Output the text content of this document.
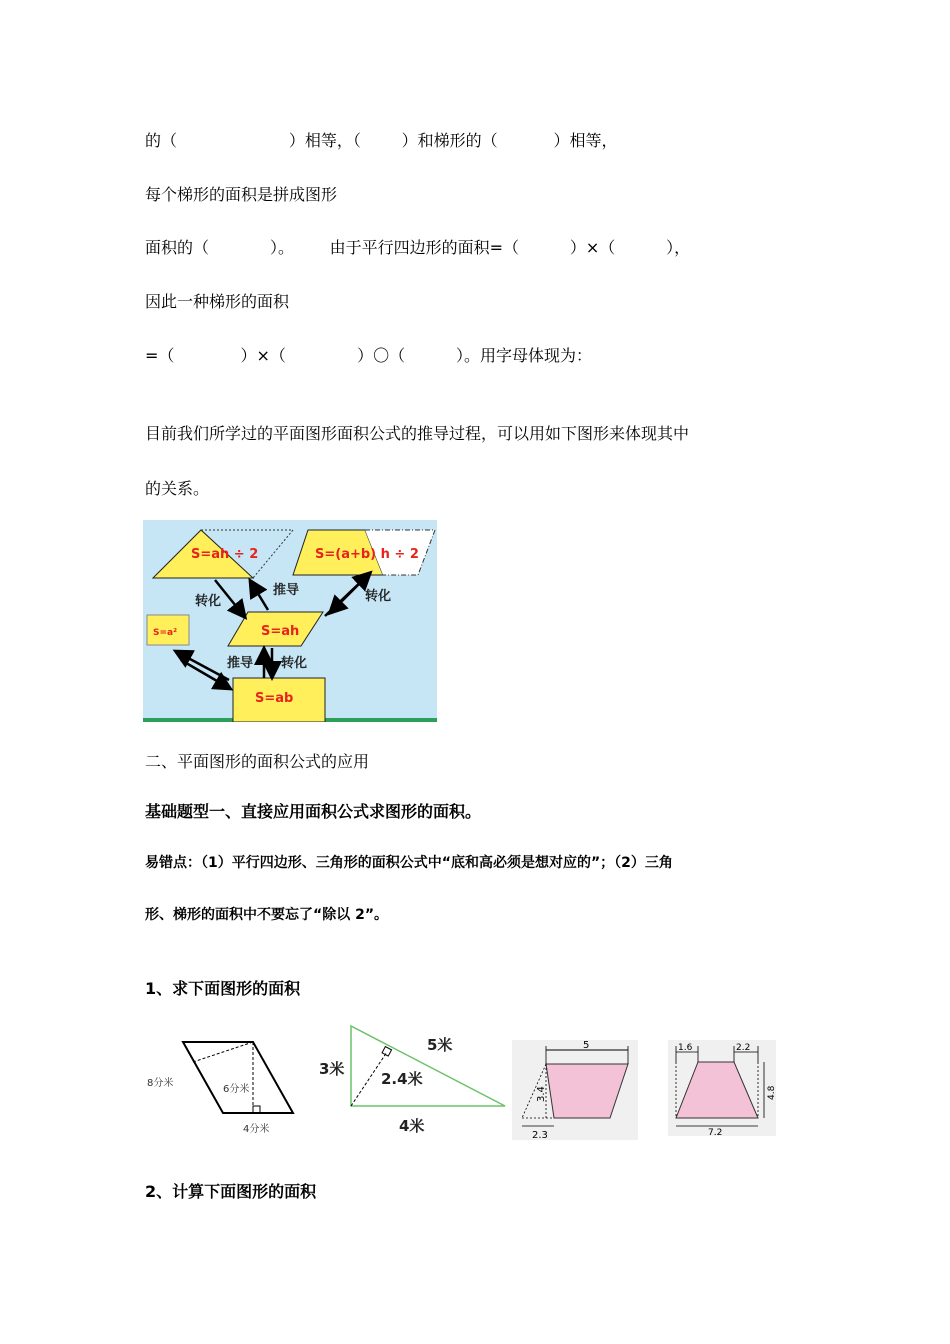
的（                      ）相等，（        ）和梯形的（           ）相等，
每个梯形的面积是拼成图形
面积的（            ）。       由于平行四边形的面积=（          ）×（          ），
因此一种梯形的面积
=（             ）×（              ）〇（          ）。用字母体现为：
目前我们所学过的平面图形面积公式的推导过程，可以用如下图形来体现其中
的关系。
S=ah ÷ 2	S=(a+b) h ÷ 2
S=a²	S=ah
S=ab
转化
推导	转化
推导 转化
二、平面图形的面积公式的应用
基础题型一、直接应用面积公式求图形的面积。
易错点：（1）平行四边形、三角形的面积公式中“底和高必须是想对应的”；（2）三角
形、梯形的面积中不要忘了“除以 2”。
1、求下面图形的面积
8分米
6分米
4分米
3米
5米
2.4米
4米
5
2.3
3.4
1.6	2.2
4.8
7.2
2、计算下面图形的面积
